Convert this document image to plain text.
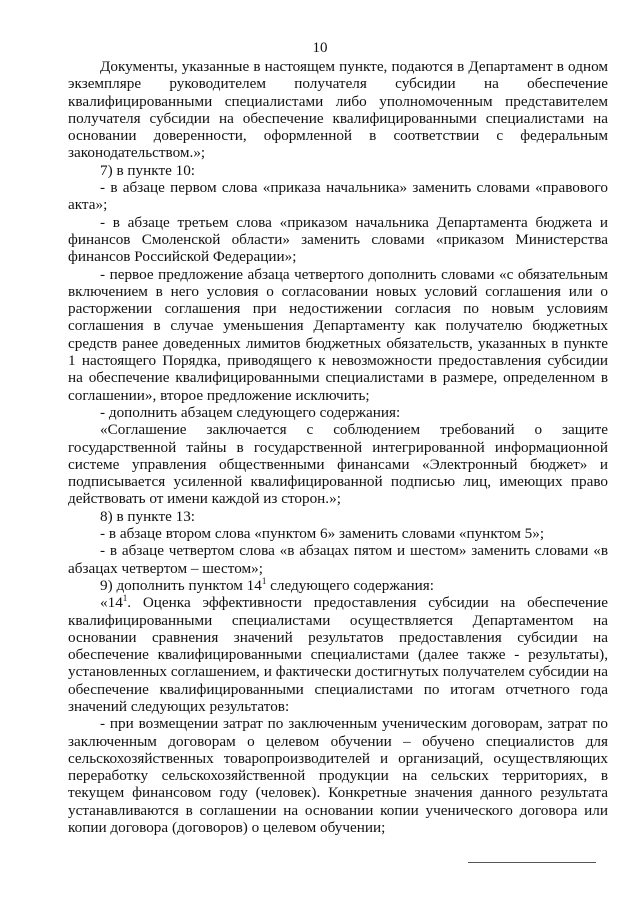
10

Документы, указанные в настоящем пункте, подаются в Департамент в одном экземпляре руководителем получателя субсидии на обеспечение квалифицированными специалистами либо уполномоченным представителем получателя субсидии на обеспечение квалифицированными специалистами на основании доверенности, оформленной в соответствии с федеральным законодательством.»;

7) в пункте 10:

- в абзаце первом слова «приказа начальника» заменить словами «правового акта»;

- в абзаце третьем слова «приказом начальника Департамента бюджета и финансов Смоленской области» заменить словами «приказом Министерства финансов Российской Федерации»;

- первое предложение абзаца четвертого дополнить словами «с обязательным включением в него условия о согласовании новых условий соглашения или о расторжении соглашения при недостижении согласия по новым условиям соглашения в случае уменьшения Департаменту как получателю бюджетных средств ранее доведенных лимитов бюджетных обязательств, указанных в пункте 1 настоящего Порядка, приводящего к невозможности предоставления субсидии на обеспечение квалифицированными специалистами в размере, определенном в соглашении», второе предложение исключить;

- дополнить абзацем следующего содержания:

«Соглашение заключается с соблюдением требований о защите государственной тайны в государственной интегрированной информационной системе управления общественными финансами «Электронный бюджет» и подписывается усиленной квалифицированной подписью лиц, имеющих право действовать от имени каждой из сторон.»;

8) в пункте 13:

- в абзаце втором слова «пунктом 6» заменить словами «пунктом 5»;

- в абзаце четвертом слова «в абзацах пятом и шестом» заменить словами «в абзацах четвертом – шестом»;

9) дополнить пунктом $14^1$ следующего содержания:

«$14^1$. Оценка эффективности предоставления субсидии на обеспечение квалифицированными специалистами осуществляется Департаментом на основании сравнения значений результатов предоставления субсидии на обеспечение квалифицированными специалистами (далее также - результаты), установленных соглашением, и фактически достигнутых получателем субсидии на обеспечение квалифицированными специалистами по итогам отчетного года значений следующих результатов:

- при возмещении затрат по заключенным ученическим договорам, затрат по заключенным договорам о целевом обучении – обучено специалистов для сельскохозяйственных товаропроизводителей и организаций, осуществляющих переработку сельскохозяйственной продукции на сельских территориях, в текущем финансовом году (человек). Конкретные значения данного результата устанавливаются в соглашении на основании копии ученического договора или копии договора (договоров) о целевом обучении;
